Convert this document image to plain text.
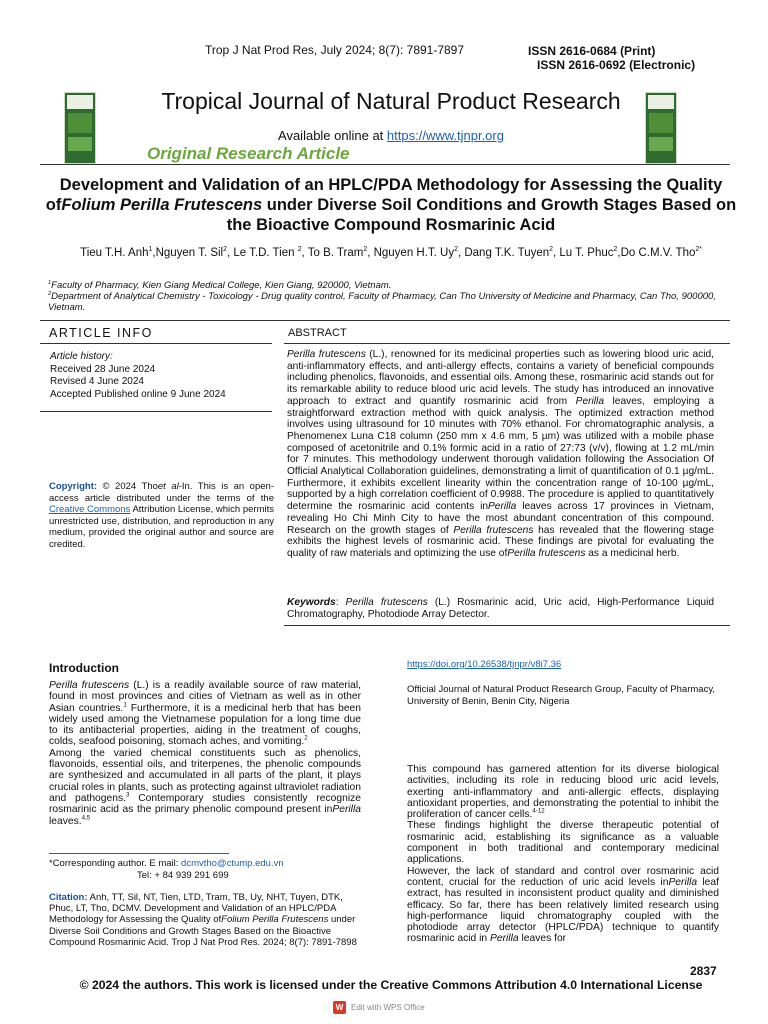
Trop J Nat Prod Res, July 2024; 8(7): 7891-7897	ISSN 2616-0684 (Print)
ISSN 2616-0692 (Electronic)
Tropical Journal of Natural Product Research
Available online at https://www.tjnpr.org
Original Research Article
Development and Validation of an HPLC/PDA Methodology for Assessing the Quality ofFolium Perilla Frutescens under Diverse Soil Conditions and Growth Stages Based on the Bioactive Compound Rosmarinic Acid
Tieu T.H. Anh$^1$,Nguyen T. Sil$^2$, Le T.D. Tien $^2$, To B. Tram$^2$, Nguyen H.T. Uy$^2$, Dang T.K. Tuyen$^2$, Lu T. Phuc$^2$,Do C.M.V. Tho$^{2*}$
$^1$Faculty of Pharmacy, Kien Giang Medical College, Kien Giang, 920000, Vietnam.
$^2$Department of Analytical Chemistry - Toxicology - Drug quality control, Faculty of Pharmacy, Can Tho University of Medicine and Pharmacy, Can Tho, 900000, Vietnam.
ARTICLE INFO	ABSTRACT
Article history:
Received 28 June 2024
Revised 4 June 2024
Accepted Published online 9 June 2024
Copyright: © 2024 Thoet al-In. This is an open-access article distributed under the terms of the Creative Commons Attribution License, which permits unrestricted use, distribution, and reproduction in any medium, provided the original author and source are credited.
Perilla frutescens (L.), renowned for its medicinal properties such as lowering blood uric acid, anti-inflammatory effects, and anti-allergy effects, contains a variety of beneficial compounds including phenolics, flavonoids, and essential oils. Among these, rosmarinic acid stands out for its remarkable ability to reduce blood uric acid levels. The study has introduced an innovative approach to extract and quantify rosmarinic acid from Perilla leaves, employing a straightforward extraction method with quick analysis. The optimized extraction method involves using ultrasound for 10 minutes with 70% ethanol. For chromatographic analysis, a Phenomenex Luna C18 column (250 mm x 4.6 mm, 5 µm) was utilized with a mobile phase composed of acetonitrile and 0.1% formic acid in a ratio of 27:73 (v/v), flowing at 1.2 mL/min for 7 minutes. This methodology underwent thorough validation following the Association Of Official Analytical Collaboration guidelines, demonstrating a limit of quantification of 0.1 µg/mL. Furthermore, it exhibits excellent linearity within the concentration range of 10-100 µg/mL, supported by a high correlation coefficient of 0.9988. The procedure is applied to quantitatively determine the rosmarinic acid contents inPerilla leaves across 17 provinces in Vietnam, revealing Ho Chi Minh City to have the most abundant concentration of this compound. Research on the growth stages of Perilla frutescens has revealed that the flowering stage exhibits the highest levels of rosmarinic acid. These findings are pivotal for evaluating the quality of raw materials and optimizing the use ofPerilla frutescens as a medicinal herb.
Keywords: Perilla frutescens (L.) Rosmarinic acid, Uric acid, High-Performance Liquid Chromatography, Photodiode Array Detector.
Introduction
Perilla frutescens (L.) is a readily available source of raw material, found in most provinces and cities of Vietnam as well as in other Asian countries.$^1$ Furthermore, it is a medicinal herb that has been widely used among the Vietnamese population for a long time due to its antibacterial properties, aiding in the treatment of coughs, colds, seafood poisoning, stomach aches, and vomiting.$^2$
Among the varied chemical constituents such as phenolics, flavonoids, essential oils, and triterpenes, the phenolic compounds are synthesized and accumulated in all parts of the plant, it plays crucial roles in plants, such as protecting against ultraviolet radiation and pathogens.$^3$ Contemporary studies consistently recognize rosmarinic acid as the primary phenolic compound present inPerilla leaves.$^{4,5}$
*Corresponding author. E mail: dcmvtho@ctump.edu.vn
Tel: + 84 939 291 699
Citation: Anh, TT, Sil, NT, Tien, LTD, Tram, TB, Uy, NHT, Tuyen, DTK, Phuc, LT, Tho, DCMV. Development and Validation of an HPLC/PDA Methodology for Assessing the Quality ofFolium Perilla Frutescens under Diverse Soil Conditions and Growth Stages Based on the Bioactive Compound Rosmarinic Acid. Trop J Nat Prod Res. 2024; 8(7): 7891-7898
https://doi.org/10.26538/tjnpr/v8i7.36
Official Journal of Natural Product Research Group, Faculty of Pharmacy,
University of Benin, Benin City, Nigeria
This compound has garnered attention for its diverse biological activities, including its role in reducing blood uric acid levels, exerting anti-inflammatory and anti-allergic effects, displaying antioxidant properties, and demonstrating the potential to inhibit the proliferation of cancer cells.$^{4-12}$
These findings highlight the diverse therapeutic potential of rosmarinic acid, establishing its significance as a valuable component in both traditional and contemporary medicinal applications.
However, the lack of standard and control over rosmarinic acid content, crucial for the reduction of uric acid levels inPerilla leaf extract, has resulted in inconsistent product quality and diminished efficacy. So far, there has been relatively limited research using high-performance liquid chromatography coupled with the photodiode array detector (HPLC/PDA) technique to quantify rosmarinic acid in Perilla leaves for
2837
© 2024 the authors. This work is licensed under the Creative Commons Attribution 4.0 International License
W Edit with WPS Office
